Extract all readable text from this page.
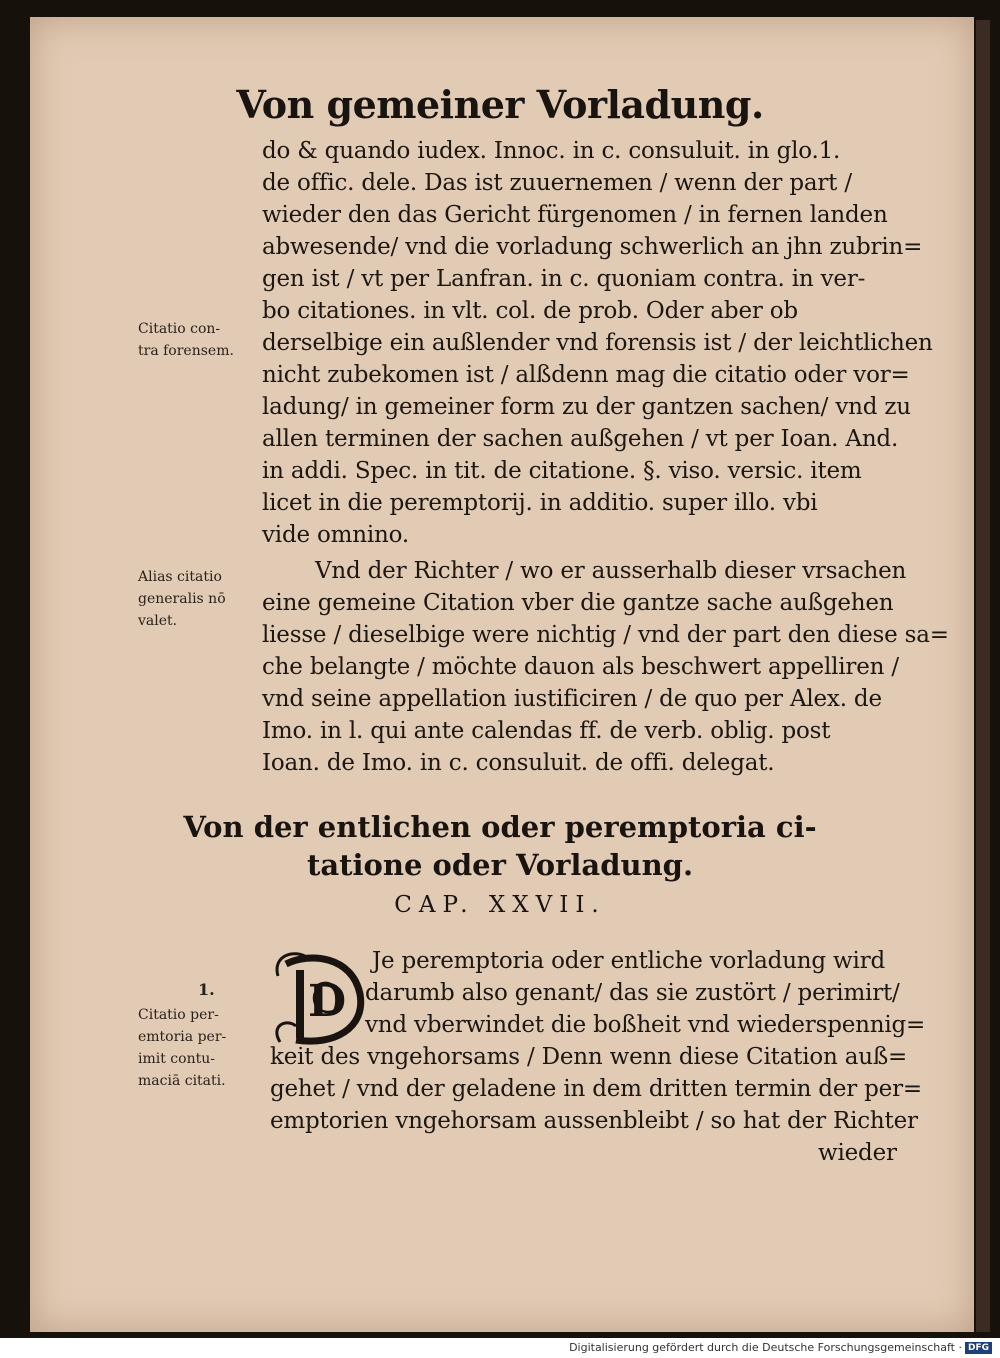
Von gemeiner Vorladung.
do & quando iudex. Innoc. in c. consuluit. in glo.1.
de offic. dele. Das ist zuuernemen / wenn der part /
wieder den das Gericht fürgenomen / in fernen landen
abwesende/ vnd die vorladung schwerlich an jhn zubrin=
gen ist / vt per Lanfran. in c. quoniam contra. in ver-
bo citationes. in vlt. col. de prob. Oder aber ob
derselbige ein außlender vnd forensis ist / der leichtlichen
nicht zubekomen ist / alßdenn mag die citatio oder vor=
ladung/ in gemeiner form zu der gantzen sachen/ vnd zu
allen terminen der sachen außgehen / vt per Ioan. And.
in addi. Spec. in tit. de citatione. §. viso. versic. item
licet in die peremptorij. in additio. super illo. vbi
vide omnino.
Vnd der Richter / wo er ausserhalb dieser vrsachen
eine gemeine Citation vber die gantze sache außgehen
liesse / dieselbige were nichtig / vnd der part den diese sa=
che belangte / möchte dauon als beschwert appelliren /
vnd seine appellation iustificiren / de quo per Alex. de
Imo. in l. qui ante calendas ff. de verb. oblig. post
Ioan. de Imo. in c. consuluit. de offi. delegat.
Von der entlichen oder peremptoria ci-
tatione oder Vorladung.
CAP. XXVII.
D
Je peremptoria oder entliche vorladung wird
darumb also genant/ das sie zustört / perimirt/
vnd vberwindet die boßheit vnd wiederspennig=
keit des vngehorsams / Denn wenn diese Citation auß=
gehet / vnd der geladene in dem dritten termin der per=
emptorien vngehorsam aussenbleibt / so hat der Richter
wieder
Citatio con-
tra forensem.
Alias citatio
generalis nō
valet.
1.
Citatio per-
emtoria per-
imit contu-
maciā citati.
Digitalisierung gefördert durch die Deutsche Forschungsgemeinschaft · DFG
